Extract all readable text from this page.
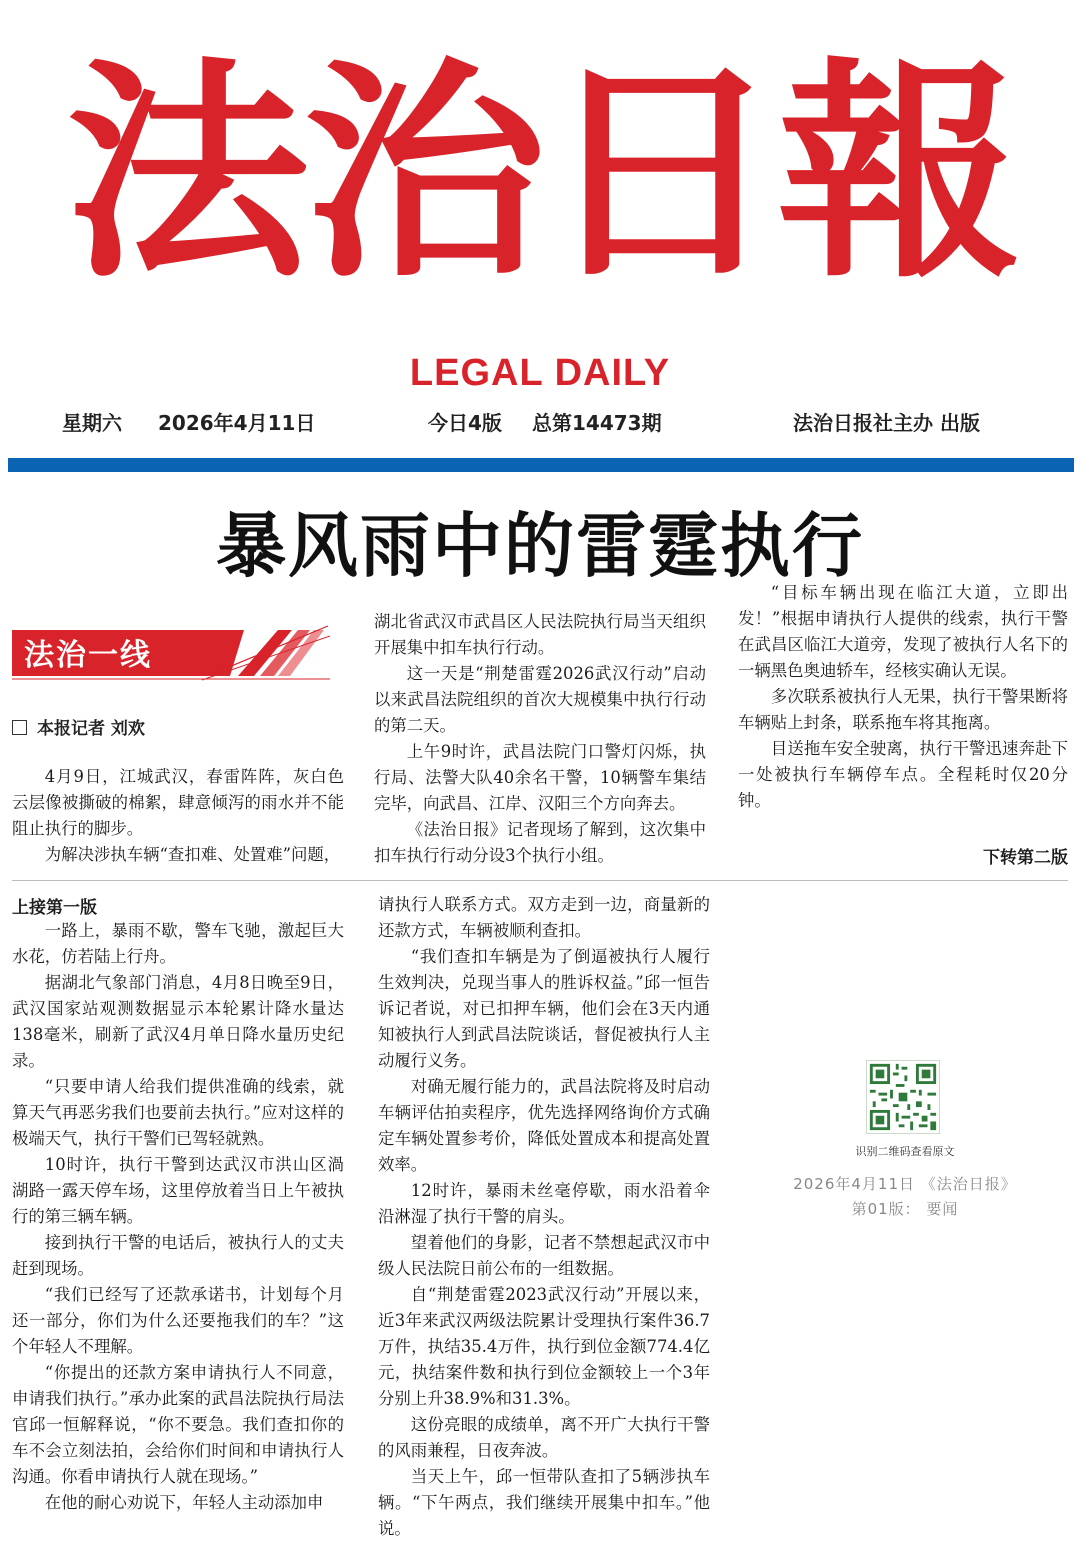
法治日報
LEGAL DAILY
星期六 2026年4月11日	今日4版 总第14473期	法治日报社主办 出版
暴风雨中的雷霆执行
法治一线
本报记者 刘欢

4月9日，江城武汉，春雷阵阵，灰白色云层像被撕破的棉絮，肆意倾泻的雨水并不能阻止执行的脚步。

为解决涉执车辆“查扣难、处置难”问题，

湖北省武汉市武昌区人民法院执行局当天组织开展集中扣车执行行动。

这一天是“荆楚雷霆2026武汉行动”启动以来武昌法院组织的首次大规模集中执行行动的第二天。

上午9时许，武昌法院门口警灯闪烁，执行局、法警大队40余名干警，10辆警车集结完毕，向武昌、江岸、汉阳三个方向奔去。

《法治日报》记者现场了解到，这次集中扣车执行行动分设3个执行小组。

“目标车辆出现在临江大道，立即出发！”根据申请执行人提供的线索，执行干警在武昌区临江大道旁，发现了被执行人名下的一辆黑色奥迪轿车，经核实确认无误。

多次联系被执行人无果，执行干警果断将车辆贴上封条，联系拖车将其拖离。

目送拖车安全驶离，执行干警迅速奔赴下一处被执行车辆停车点。全程耗时仅20分钟。

下转第二版
上接第一版

一路上，暴雨不歇，警车飞驰，激起巨大水花，仿若陆上行舟。

据湖北气象部门消息，4月8日晚至9日，武汉国家站观测数据显示本轮累计降水量达138毫米，刷新了武汉4月单日降水量历史纪录。

“只要申请人给我们提供准确的线索，就算天气再恶劣我们也要前去执行。”应对这样的极端天气，执行干警们已驾轻就熟。

10时许，执行干警到达武汉市洪山区渦湖路一露天停车场，这里停放着当日上午被执行的第三辆车辆。

接到执行干警的电话后，被执行人的丈夫赶到现场。

“我们已经写了还款承诺书，计划每个月还一部分，你们为什么还要拖我们的车？”这个年轻人不理解。

“你提出的还款方案申请执行人不同意，申请我们执行。”承办此案的武昌法院执行局法官邱一恒解释说，“你不要急。我们查扣你的车不会立刻法拍，会给你们时间和申请执行人沟通。你看申请执行人就在现场。”

在他的耐心劝说下，年轻人主动添加申

请执行人联系方式。双方走到一边，商量新的还款方式，车辆被顺利查扣。

“我们查扣车辆是为了倒逼被执行人履行生效判决，兑现当事人的胜诉权益。”邱一恒告诉记者说，对已扣押车辆，他们会在3天内通知被执行人到武昌法院谈话，督促被执行人主动履行义务。

对确无履行能力的，武昌法院将及时启动车辆评估拍卖程序，优先选择网络询价方式确定车辆处置参考价，降低处置成本和提高处置效率。

12时许，暴雨未丝毫停歇，雨水沿着伞沿淋湿了执行干警的肩头。

望着他们的身影，记者不禁想起武汉市中级人民法院日前公布的一组数据。

自“荆楚雷霆2023武汉行动”开展以来，近3年来武汉两级法院累计受理执行案件36.7万件，执结35.4万件，执行到位金额774.4亿元，执结案件数和执行到位金额较上一个3年分别上升38.9%和31.3%。

这份亮眼的成绩单，离不开广大执行干警的风雨兼程，日夜奔波。

当天上午，邱一恒带队查扣了5辆涉执车辆。“下午两点，我们继续开展集中扣车。”他说。

识别二维码查看原文
2026年4月11日 《法治日报》
第01版： 要闻
